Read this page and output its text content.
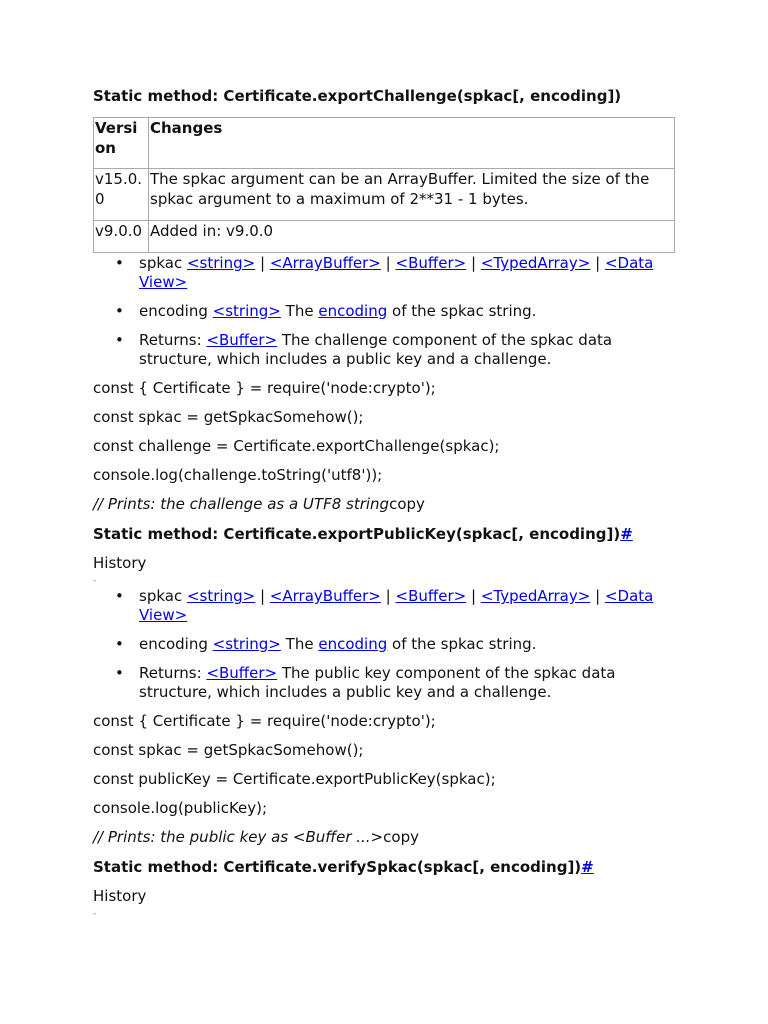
Static method: Certificate.exportChallenge(spkac[, encoding])

Versi on	Changes
v15.0. 0	The spkac argument can be an ArrayBuffer. Limited the size of the spkac argument to a maximum of 2**31 - 1 bytes.
v9.0.0	Added in: v9.0.0
• spkac <string> | <ArrayBuffer> | <Buffer> | <TypedArray> | <Data View>
• encoding <string> The encoding of the spkac string.
• Returns: <Buffer> The challenge component of the spkac data structure, which includes a public key and a challenge.

const { Certificate } = require('node:crypto');

const spkac = getSpkacSomehow();

const challenge = Certificate.exportChallenge(spkac);

console.log(challenge.toString('utf8'));

// Prints: the challenge as a UTF8 stringcopy

Static method: Certificate.exportPublicKey(spkac[, encoding])#

History

-

• spkac <string> | <ArrayBuffer> | <Buffer> | <TypedArray> | <Data View>
• encoding <string> The encoding of the spkac string.
• Returns: <Buffer> The public key component of the spkac data structure, which includes a public key and a challenge.

const { Certificate } = require('node:crypto');

const spkac = getSpkacSomehow();

const publicKey = Certificate.exportPublicKey(spkac);

console.log(publicKey);

// Prints: the public key as <Buffer ...>copy

Static method: Certificate.verifySpkac(spkac[, encoding])#

History

-
